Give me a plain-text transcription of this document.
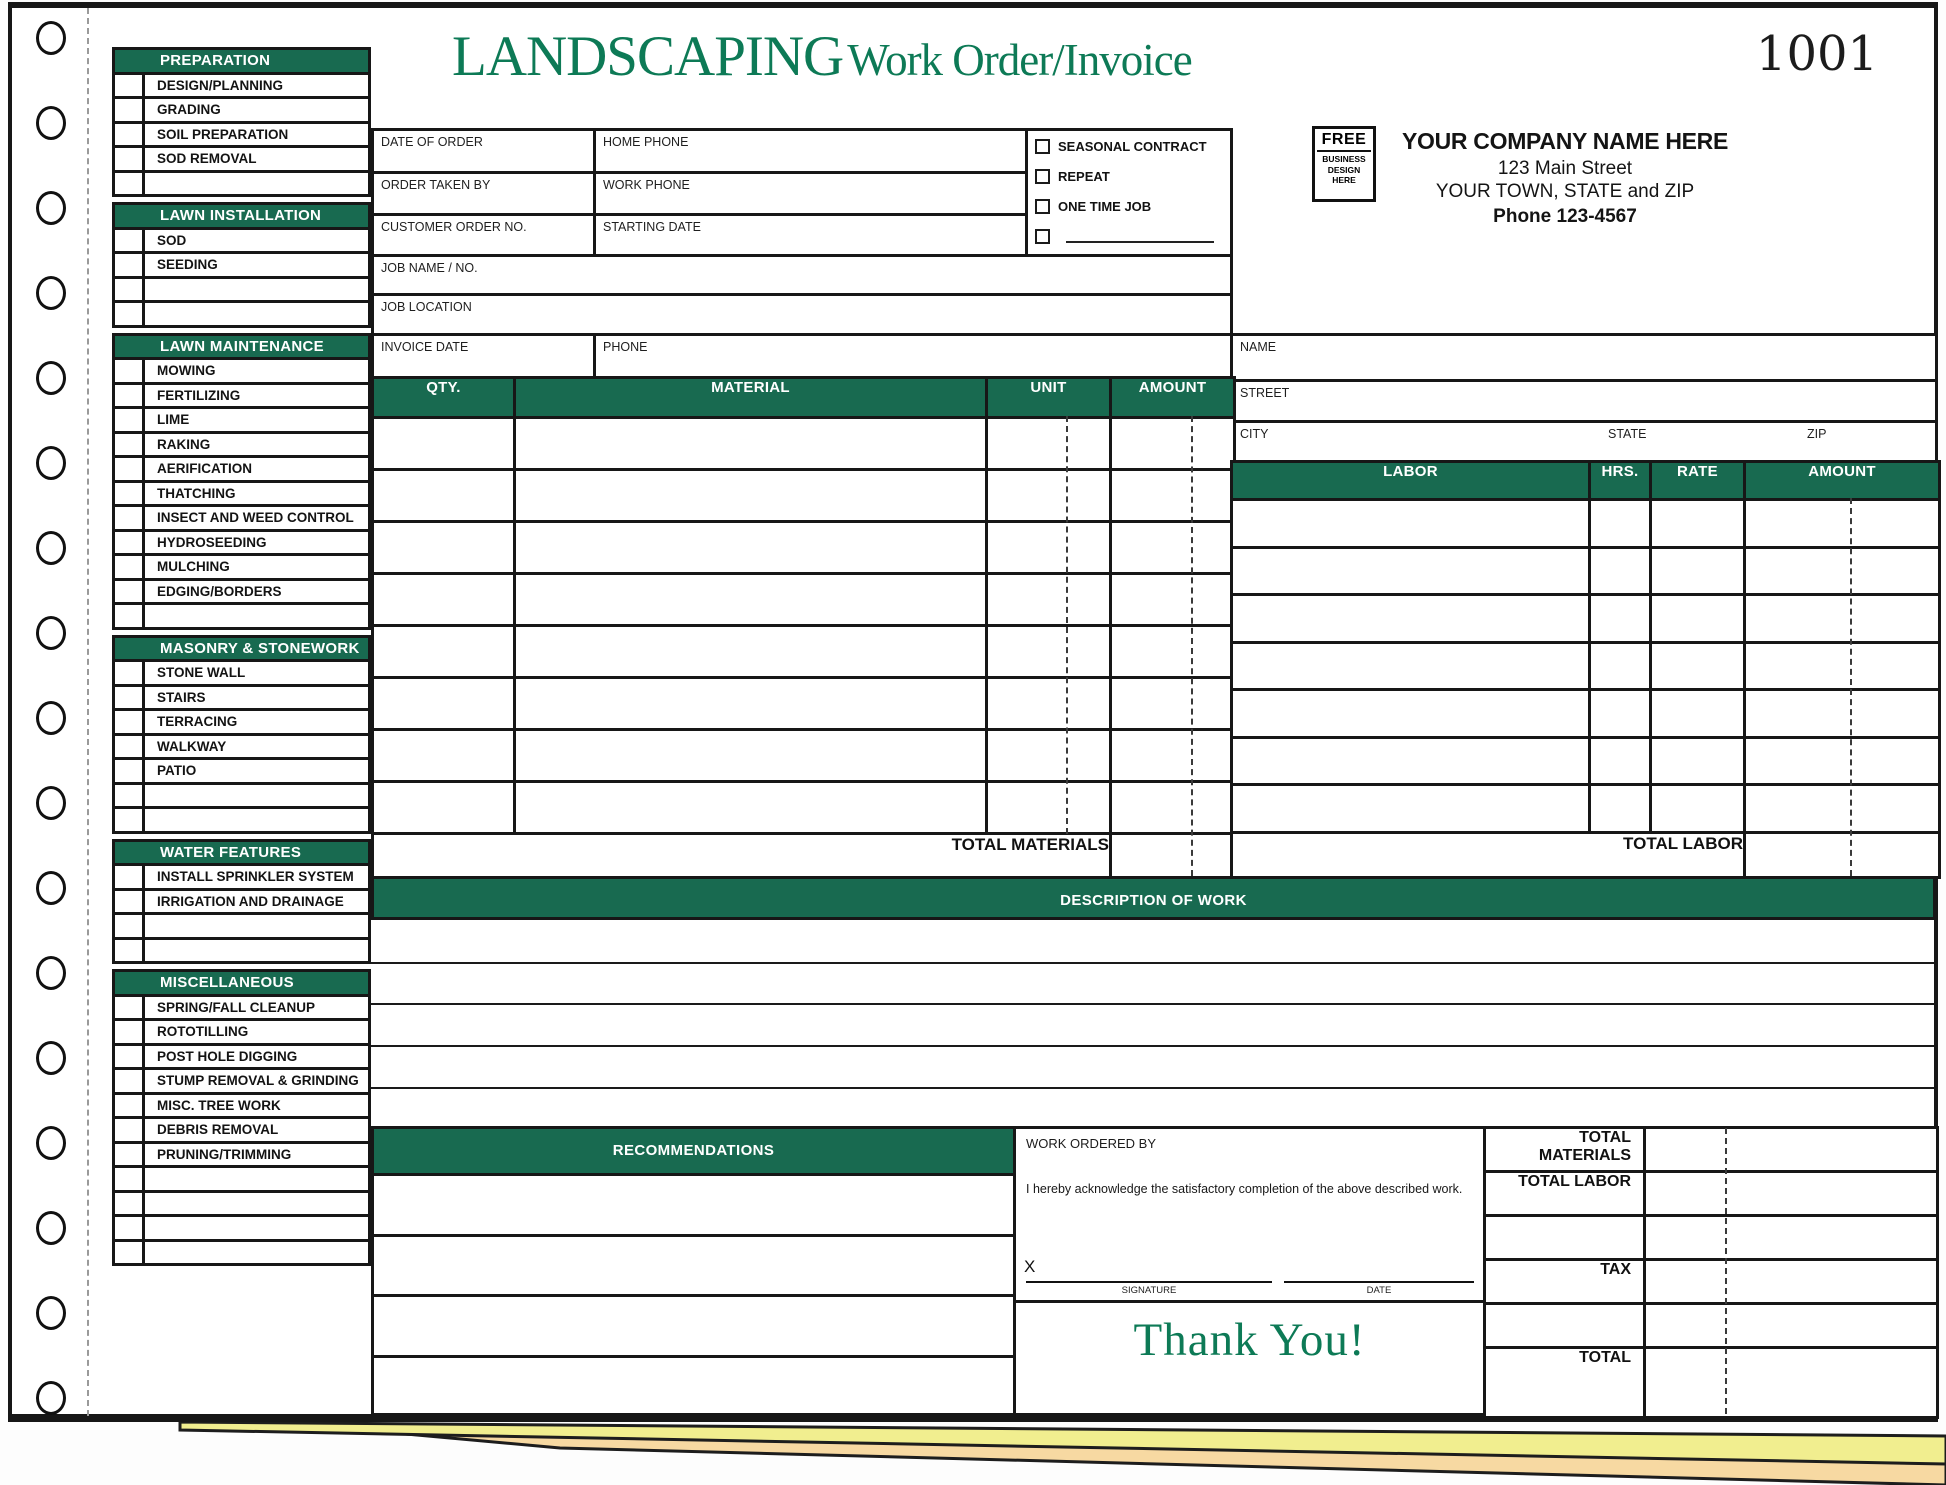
PREPARATION
DESIGN/PLANNING
GRADING
SOIL PREPARATION
SOD REMOVAL
LAWN INSTALLATION
SOD
SEEDING
LAWN MAINTENANCE
MOWING
FERTILIZING
LIME
RAKING
AERIFICATION
THATCHING
INSECT AND WEED CONTROL
HYDROSEEDING
MULCHING
EDGING/BORDERS
MASONRY & STONEWORK
STONE WALL
STAIRS
TERRACING
WALKWAY
PATIO
WATER FEATURES
INSTALL SPRINKLER SYSTEM
IRRIGATION AND DRAINAGE
MISCELLANEOUS
SPRING/FALL CLEANUP
ROTOTILLING
POST HOLE DIGGING
STUMP REMOVAL & GRINDING
MISC. TREE WORK
DEBRIS REMOVAL
PRUNING/TRIMMING
LANDSCAPING Work Order/Invoice	1001
FREE
BUSINESS
DESIGN
HERE
YOUR COMPANY NAME HERE
123 Main Street
YOUR TOWN, STATE and ZIP
Phone 123-4567
DATE OF ORDER	HOME PHONE

ORDER TAKEN BY	WORK PHONE

CUSTOMER ORDER NO.	STARTING DATE
SEASONAL CONTRACT
REPEAT
ONE TIME JOB
JOB NAME / NO.
JOB LOCATION
INVOICE DATE	PHONE	NAME

STREET

CITY	STATE	ZIP
QTY.	MATERIAL	UNIT	AMOUNT

TOTAL MATERIALS			
LABOR	HRS.	RATE	AMOUNT

TOTAL LABOR			
DESCRIPTION OF WORK
RECOMMENDATIONS	WORK ORDERED BY
I hereby acknowledge the satisfactory completion of the above described work.
X
SIGNATURE	DATE
Thank You!
TOTAL MATERIALS	
TOTAL LABOR	

TAX	

TOTAL	
